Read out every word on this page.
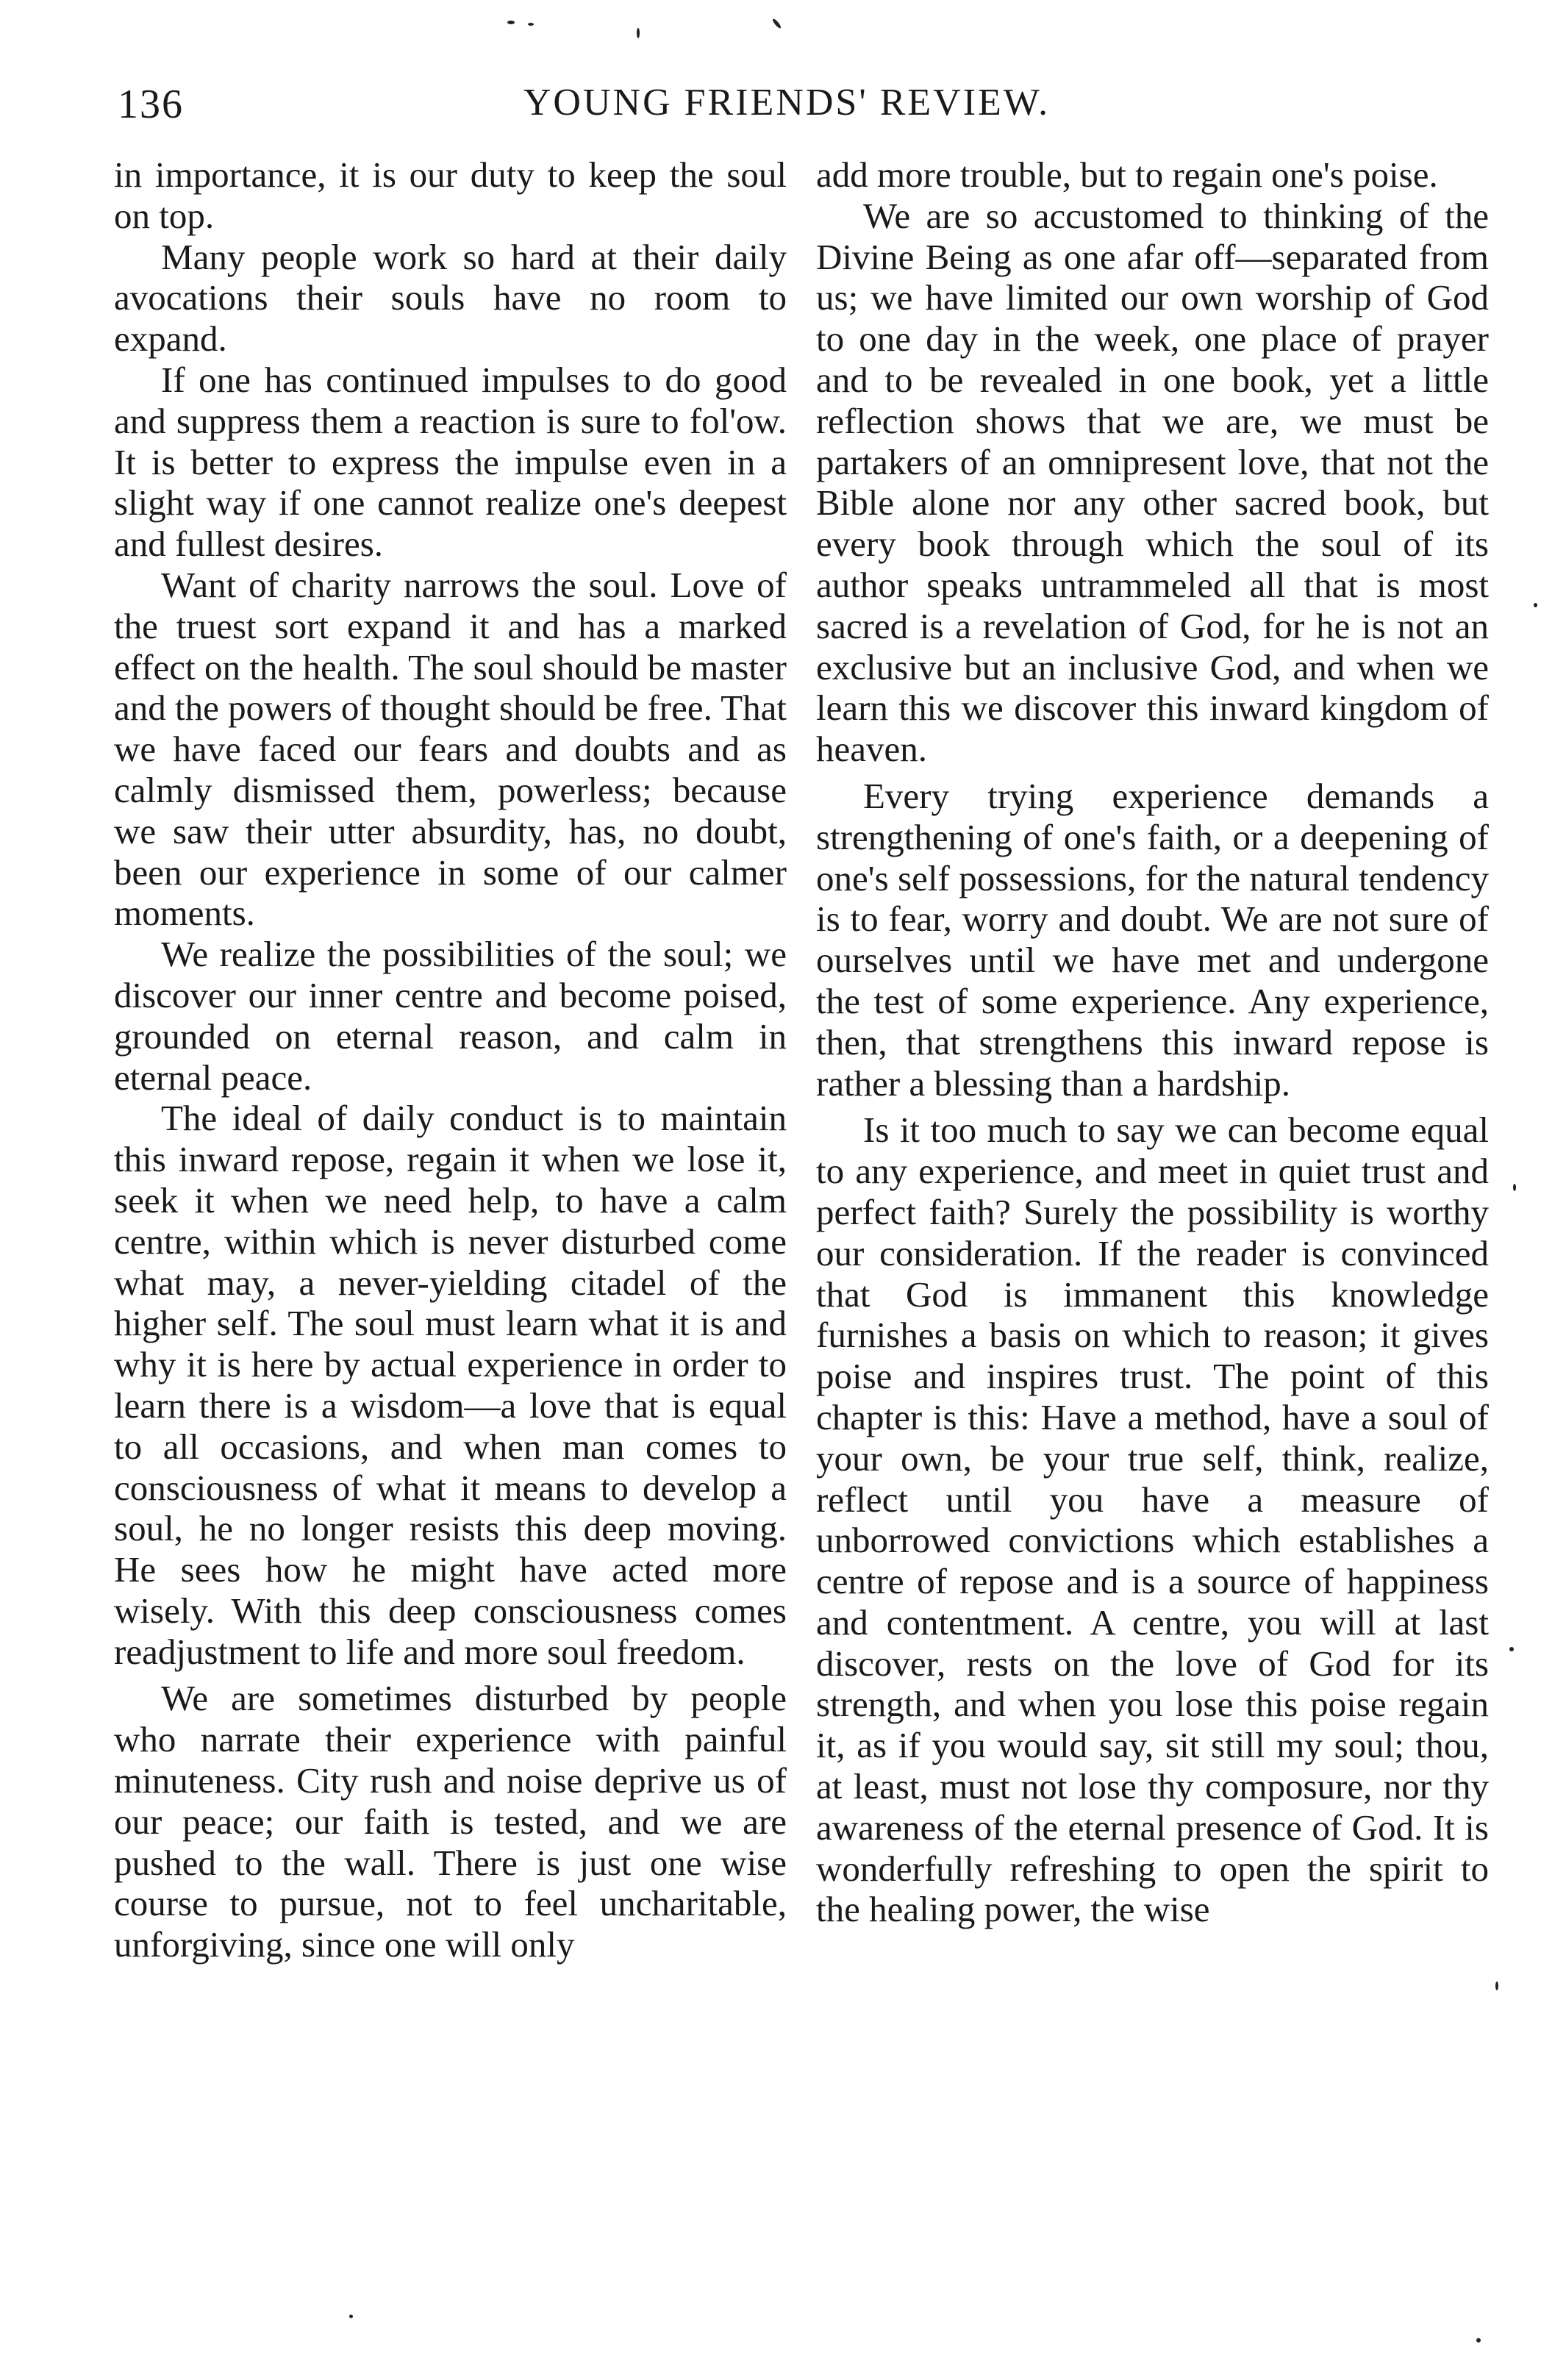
136	YOUNG FRIENDS' REVIEW.

in importance, it is our duty to keep the soul on top.

Many people work so hard at their daily avocations their souls have no room to expand.

If one has continued impulses to do good and suppress them a reaction is sure to fol'ow. It is better to express the impulse even in a slight way if one cannot realize one's deepest and fullest desires.

Want of charity narrows the soul. Love of the truest sort expand it and has a marked effect on the health. The soul should be master and the powers of thought should be free. That we have faced our fears and doubts and as calmly dismissed them, powerless; because we saw their utter absurdity, has, no doubt, been our experience in some of our calmer moments.

We realize the possibilities of the soul; we discover our inner centre and become poised, grounded on eternal reason, and calm in eternal peace.

The ideal of daily conduct is to maintain this inward repose, regain it when we lose it, seek it when we need help, to have a calm centre, within which is never disturbed come what may, a never-yielding citadel of the higher self. The soul must learn what it is and why it is here by actual experience in order to learn there is a wisdom—a love that is equal to all occasions, and when man comes to consciousness of what it means to develop a soul, he no longer resists this deep moving. He sees how he might have acted more wisely. With this deep consciousness comes readjustment to life and more soul freedom.

We are sometimes disturbed by people who narrate their experience with painful minuteness. City rush and noise deprive us of our peace; our faith is tested, and we are pushed to the wall. There is just one wise course to pursue, not to feel uncharitable, unforgiving, since one will only

add more trouble, but to regain one's poise.

We are so accustomed to thinking of the Divine Being as one afar off—separated from us; we have limited our own worship of God to one day in the week, one place of prayer and to be revealed in one book, yet a little reflection shows that we are, we must be partakers of an omnipresent love, that not the Bible alone nor any other sacred book, but every book through which the soul of its author speaks untrammeled all that is most sacred is a revelation of God, for he is not an exclusive but an inclusive God, and when we learn this we discover this inward kingdom of heaven.

Every trying experience demands a strengthening of one's faith, or a deepening of one's self possessions, for the natural tendency is to fear, worry and doubt. We are not sure of ourselves until we have met and undergone the test of some experience. Any experience, then, that strengthens this inward repose is rather a blessing than a hardship.

Is it too much to say we can become equal to any experience, and meet in quiet trust and perfect faith? Surely the possibility is worthy our consideration. If the reader is convinced that God is immanent this knowledge furnishes a basis on which to reason; it gives poise and inspires trust. The point of this chapter is this: Have a method, have a soul of your own, be your true self, think, realize, reflect until you have a measure of unborrowed convictions which establishes a centre of repose and is a source of happiness and contentment. A centre, you will at last discover, rests on the love of God for its strength, and when you lose this poise regain it, as if you would say, sit still my soul; thou, at least, must not lose thy composure, nor thy awareness of the eternal presence of God. It is wonderfully refreshing to open the spirit to the healing power, the wise
